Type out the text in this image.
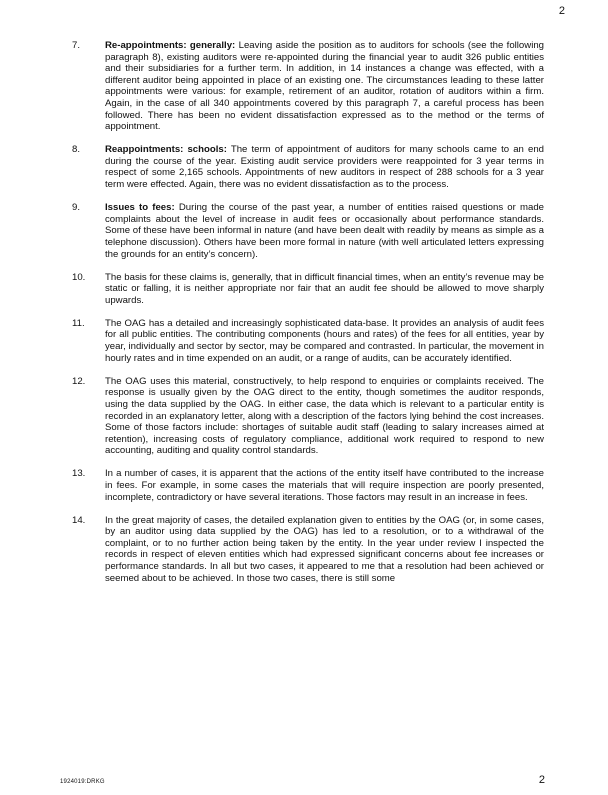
2
7.	Re-appointments: generally: Leaving aside the position as to auditors for schools (see the following paragraph 8), existing auditors were re-appointed during the financial year to audit 326 public entities and their subsidiaries for a further term. In addition, in 14 instances a change was effected, with a different auditor being appointed in place of an existing one. The circumstances leading to these latter appointments were various: for example, retirement of an auditor, rotation of auditors within a firm. Again, in the case of all 340 appointments covered by this paragraph 7, a careful process has been followed. There has been no evident dissatisfaction expressed as to the method or the terms of appointment.
8.	Reappointments: schools: The term of appointment of auditors for many schools came to an end during the course of the year. Existing audit service providers were reappointed for 3 year terms in respect of some 2,165 schools. Appointments of new auditors in respect of 288 schools for a 3 year term were effected. Again, there was no evident dissatisfaction as to the process.
9.	Issues to fees: During the course of the past year, a number of entities raised questions or made complaints about the level of increase in audit fees or occasionally about performance standards. Some of these have been informal in nature (and have been dealt with readily by means as simple as a telephone discussion). Others have been more formal in nature (with well articulated letters expressing the grounds for an entity’s concern).
10.	The basis for these claims is, generally, that in difficult financial times, when an entity’s revenue may be static or falling, it is neither appropriate nor fair that an audit fee should be allowed to move sharply upwards.
11.	The OAG has a detailed and increasingly sophisticated data-base. It provides an analysis of audit fees for all public entities. The contributing components (hours and rates) of the fees for all entities, year by year, individually and sector by sector, may be compared and contrasted. In particular, the movement in hourly rates and in time expended on an audit, or a range of audits, can be accurately identified.
12.	The OAG uses this material, constructively, to help respond to enquiries or complaints received. The response is usually given by the OAG direct to the entity, though sometimes the auditor responds, using the data supplied by the OAG. In either case, the data which is relevant to a particular entity is recorded in an explanatory letter, along with a description of the factors lying behind the cost increases. Some of those factors include: shortages of suitable audit staff (leading to salary increases aimed at retention), increasing costs of regulatory compliance, additional work required to respond to new accounting, auditing and quality control standards.
13.	In a number of cases, it is apparent that the actions of the entity itself have contributed to the increase in fees. For example, in some cases the materials that will require inspection are poorly presented, incomplete, contradictory or have several iterations. Those factors may result in an increase in fees.
14.	In the great majority of cases, the detailed explanation given to entities by the OAG (or, in some cases, by an auditor using data supplied by the OAG) has led to a resolution, or to a withdrawal of the complaint, or to no further action being taken by the entity. In the year under review I inspected the records in respect of eleven entities which had expressed significant concerns about fee increases or performance standards. In all but two cases, it appeared to me that a resolution had been achieved or seemed about to be achieved. In those two cases, there is still some
1924019:DRKG	2
